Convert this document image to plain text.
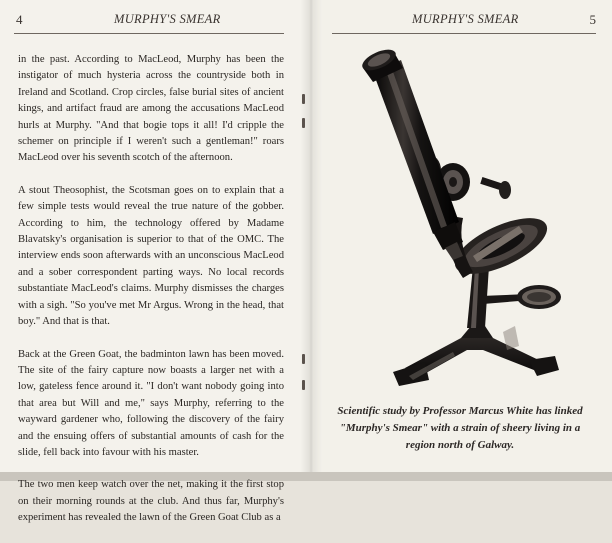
4	MURPHY'S SMEAR	MURPHY'S SMEAR	5

in the past. According to MacLeod, Murphy has been the instigator of much hysteria across the countryside both in Ireland and Scotland. Crop circles, false burial sites of ancient kings, and artifact fraud are among the accusations MacLeod hurls at Murphy. "And that bogie tops it all! I'd cripple the schemer on principle if I weren't such a gentleman!" roars MacLeod over his seventh scotch of the afternoon.

A stout Theosophist, the Scotsman goes on to explain that a few simple tests would reveal the true nature of the gobber. According to him, the technology offered by Madame Blavatsky's organisation is superior to that of the OMC. The interview ends soon afterwards with an unconscious MacLeod and a sober correspondent parting ways. No local records substantiate MacLeod's claims. Murphy dismisses the charges with a sigh. "So you've met Mr Argus. Wrong in the head, that boy." And that is that.

Back at the Green Goat, the badminton lawn has been moved. The site of the fairy capture now boasts a larger net with a low, gateless fence around it. "I don't want nobody going into that area but Will and me," says Murphy, referring to the wayward gardener who, following the discovery of the fairy and the ensuing offers of substantial amounts of cash for the slide, fell back into favour with his master.

The two men keep watch over the net, making it the first stop on their morning rounds at the club. And thus far, Murphy's experiment has revealed the lawn of the Green Goat Club as a

Scientific study by Professor Marcus White has linked "Murphy's Smear" with a strain of sheery living in a region north of Galway.
